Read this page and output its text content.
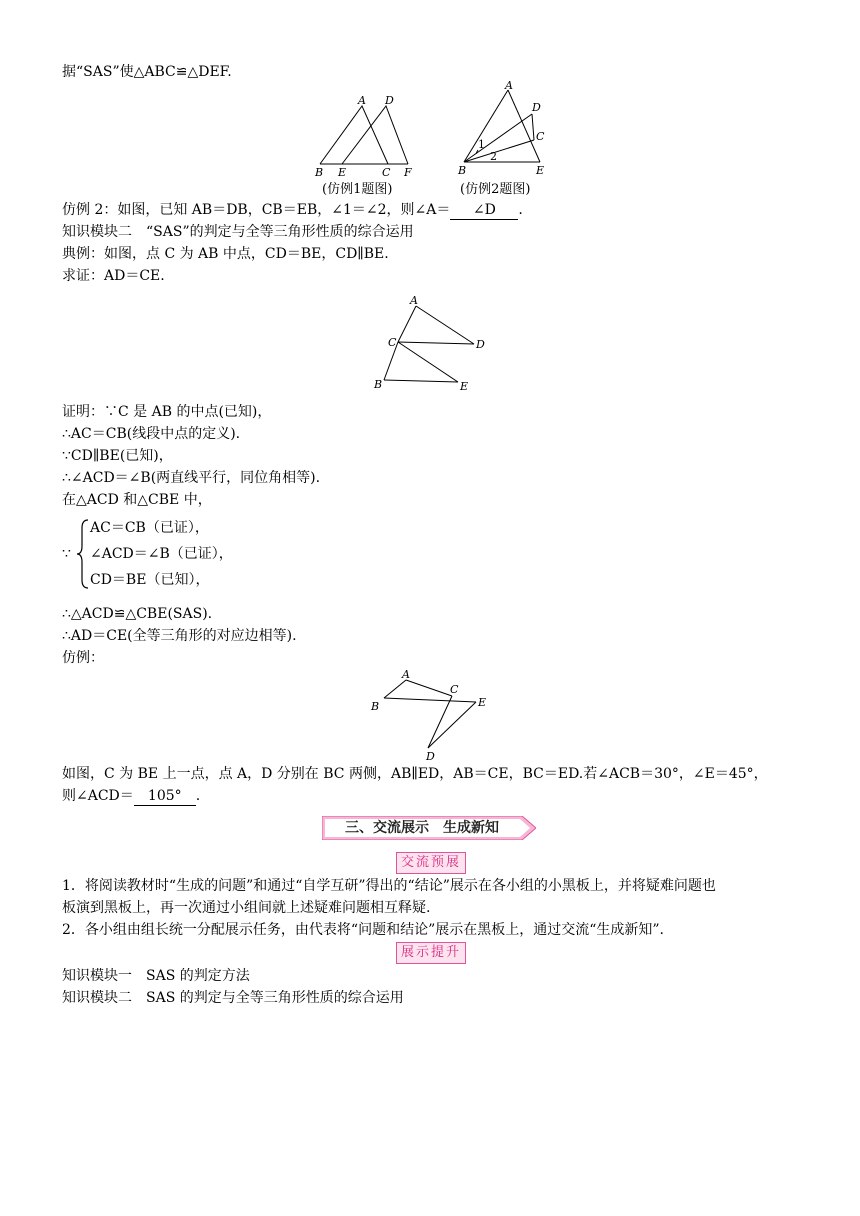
据“SAS”使△ABC≌△DEF.
A D
B E	C F
(仿例1题图)
A
D
C
B	E
1
2
(仿例2题图)
仿例 2：如图，已知 AB＝DB，CB＝EB，∠1＝∠2，则∠A＝ ∠D .
知识模块二　“SAS”的判定与全等三角形性质的综合运用
典例：如图，点 C 为 AB 中点，CD＝BE，CD∥BE.
求证：AD＝CE.
A
C	D
B	E
证明：∵C 是 AB 的中点(已知)，
∴AC＝CB(线段中点的定义).
∵CD∥BE(已知)，
∴∠ACD＝∠B(两直线平行，同位角相等).
在△ACD 和△CBE 中，
∵
AC＝CB（已证），
∠ACD＝∠B（已证），
CD＝BE（已知），
∴△ACD≌△CBE(SAS).
∴AD＝CE(全等三角形的对应边相等).
仿例：
A
B
C
E
D
如图，C 为 BE 上一点，点 A，D 分别在 BC 两侧，AB∥ED，AB＝CE，BC＝ED.若∠ACB＝30°，∠E＝45°，
则∠ACD＝ 105° .
三、交流展示　生成新知
交流预展
1．将阅读教材时“生成的问题”和通过“自学互研”得出的“结论”展示在各小组的小黑板上，并将疑难问题也
板演到黑板上，再一次通过小组间就上述疑难问题相互释疑.
2．各小组由组长统一分配展示任务，由代表将“问题和结论”展示在黑板上，通过交流“生成新知”.
展示提升
知识模块一　SAS 的判定方法
知识模块二　SAS 的判定与全等三角形性质的综合运用
